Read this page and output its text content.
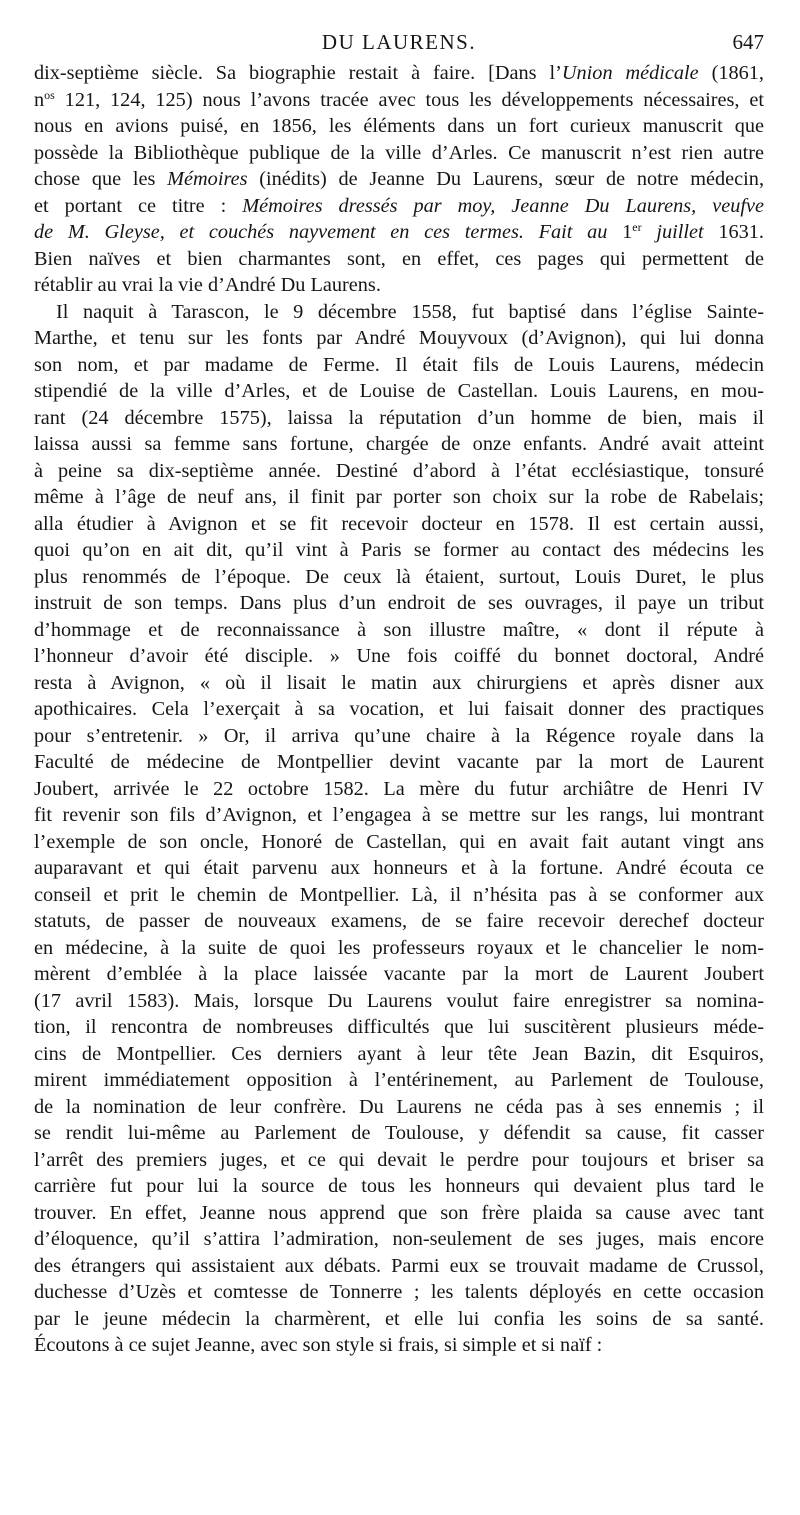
DU LAURENS.	647
dix-septième siècle. Sa biographie restait à faire. [Dans l’Union médicale (1861,
$n^{os}$ 121, 124, 125) nous l’avons tracée avec tous les développements nécessaires, et
nous en avions puisé, en 1856, les éléments dans un fort curieux manuscrit que
possède la Bibliothèque publique de la ville d’Arles. Ce manuscrit n’est rien autre
chose que les Mémoires (inédits) de Jeanne Du Laurens, sœur de notre médecin,
et portant ce titre : Mémoires dressés par moy, Jeanne Du Laurens, veufve
de M. Gleyse, et couchés nayvement en ces termes. Fait au 1er juillet 1631.
Bien naïves et bien charmantes sont, en effet, ces pages qui permettent de
rétablir au vrai la vie d’André Du Laurens.
Il naquit à Tarascon, le 9 décembre 1558, fut baptisé dans l’église Sainte-
Marthe, et tenu sur les fonts par André Mouyvoux (d’Avignon), qui lui donna
son nom, et par madame de Ferme. Il était fils de Louis Laurens, médecin
stipendié de la ville d’Arles, et de Louise de Castellan. Louis Laurens, en mou-
rant (24 décembre 1575), laissa la réputation d’un homme de bien, mais il
laissa aussi sa femme sans fortune, chargée de onze enfants. André avait atteint
à peine sa dix-septième année. Destiné d’abord à l’état ecclésiastique, tonsuré
même à l’âge de neuf ans, il finit par porter son choix sur la robe de Rabelais;
alla étudier à Avignon et se fit recevoir docteur en 1578. Il est certain aussi,
quoi qu’on en ait dit, qu’il vint à Paris se former au contact des médecins les
plus renommés de l’époque. De ceux là étaient, surtout, Louis Duret, le plus
instruit de son temps. Dans plus d’un endroit de ses ouvrages, il paye un tribut
d’hommage et de reconnaissance à son illustre maître, « dont il répute à
l’honneur d’avoir été disciple. » Une fois coiffé du bonnet doctoral, André
resta à Avignon, « où il lisait le matin aux chirurgiens et après disner aux
apothicaires. Cela l’exerçait à sa vocation, et lui faisait donner des practiques
pour s’entretenir. » Or, il arriva qu’une chaire à la Régence royale dans la
Faculté de médecine de Montpellier devint vacante par la mort de Laurent
Joubert, arrivée le 22 octobre 1582. La mère du futur archiâtre de Henri IV
fit revenir son fils d’Avignon, et l’engagea à se mettre sur les rangs, lui montrant
l’exemple de son oncle, Honoré de Castellan, qui en avait fait autant vingt ans
auparavant et qui était parvenu aux honneurs et à la fortune. André écouta ce
conseil et prit le chemin de Montpellier. Là, il n’hésita pas à se conformer aux
statuts, de passer de nouveaux examens, de se faire recevoir derechef docteur
en médecine, à la suite de quoi les professeurs royaux et le chancelier le nom-
mèrent d’emblée à la place laissée vacante par la mort de Laurent Joubert
(17 avril 1583). Mais, lorsque Du Laurens voulut faire enregistrer sa nomina-
tion, il rencontra de nombreuses difficultés que lui suscitèrent plusieurs méde-
cins de Montpellier. Ces derniers ayant à leur tête Jean Bazin, dit Esquiros,
mirent immédiatement opposition à l’entérinement, au Parlement de Toulouse,
de la nomination de leur confrère. Du Laurens ne céda pas à ses ennemis ; il
se rendit lui-même au Parlement de Toulouse, y défendit sa cause, fit casser
l’arrêt des premiers juges, et ce qui devait le perdre pour toujours et briser sa
carrière fut pour lui la source de tous les honneurs qui devaient plus tard le
trouver. En effet, Jeanne nous apprend que son frère plaida sa cause avec tant
d’éloquence, qu’il s’attira l’admiration, non-seulement de ses juges, mais encore
des étrangers qui assistaient aux débats. Parmi eux se trouvait madame de Crussol,
duchesse d’Uzès et comtesse de Tonnerre ; les talents déployés en cette occasion
par le jeune médecin la charmèrent, et elle lui confia les soins de sa santé.
Écoutons à ce sujet Jeanne, avec son style si frais, si simple et si naïf :
